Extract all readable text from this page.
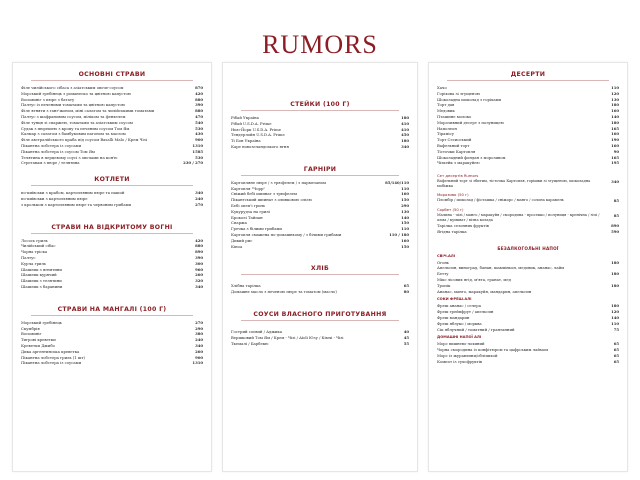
RUMORS
ОСНОВНІ СТРАВИ
Філе чилійського сібаса з азіатським овоче-соусом	870
Морський гребінець з романеско та цвітною капустою	420
Восьминіг з пюре з батату	880
Палтус із печеними томатами та цвітною капустою	390
Філе ягняти з ганг'жоном, міні салатом та чилійськими томатами	880
Палтус з шафрановим соусом, міліком та фенхелем	470
Філе тунця зі спаржею, томатами та азіатським соусом	540
Судак з пюрешею з кропу та печеним соусом Том Ям	530
Калмар з салатом з бамбуковим пагоном та маслом	430
Філе австралійського краба під соусом Basalli Malo / Крем Чізі	900
Пікантна лобстера із соусами	1310
Пікантна лобстера із соусом Том Ям	1585
Телятина в перцевому соусі з овочами на кон'ю	530
Стрегавам з пюре / телятина	230 / 270
КОТЛЕТИ
по-київськи з крабом, картопляним пюре та пашой	340
по-київськи з картопляним пюре	240
з крольком з картопляним пюре та червоним грибами	270
СТРАВИ НА ВІДКРИТОМУ ВОГНІ
Лосось гриль	420
Чилійський сібас	880
Чорна тріска	890
Палтус	390
Курча гриль	300
Шашлик з ягнятини	960
Шашлик курячий	260
Шашлик з телятини	320
Шашлик з баранини	340
СТРАВИ НА МАНГАЛІ (100 Г)
Морський гребінець	270
Скумбрія	290
Восьминіг	380
Тигрові креветки	240
Креветки Джибо	340
Дика аргентинська креветка	260
Пікантна лобстера гриль (1 шт)	900
Пікантна лобстера із соусами	1310
СТЕЙКИ (100 Г)
Рібай Україна	180
Рібай U.S.D.A. Prime	410
Нью-Йорк U.S.D.A. Prime	410
Тендерлойн U.S.D.A. Prime	450
Ті Бон Україна	180
Каре новозеландського ягня	340
ГАРНІРИ
Картопляне пюре / з трюфелем / з пармезаном	85/140/110
Картопля "Чорр"	110
Свіжий бебі шпинат з трюфелем	160
Пікантський шпинат з оливковою олією	150
Бебі опеп'і гриль	290
Кукурудза на грилі	130
Броколі Тайпан	140
Спаржа	150
Гречка з білими грибами	110
Картопля смажена по-домашньому / з білими грибами	110 / 180
Дикий рис	160
Кіноа	150
ХЛІБ
Хлібна тарілка	65
Домашнє масло з печеною пюре та томатом (масло)	80
СОУСИ ВЛАСНОГО ПРИГОТУВАННЯ
Гострий соєвий / Аджика	40
Вершковий Том Ям / Крем - Чізі / Aïoli Юзу / Кімчі - Чізі	45
Ткемалі / Барбекю	55
ДЕСЕРТИ
Хачо	110
Горіхова зі згущеною	120
Шоколадна шоколад з горіхами	130
Торт дав	180
Медовик	160
Пташине молоко	140
Морозивний десерт з полуницею	180
Наполеон	165
Тірамісу	160
Торт Сесиоський	190
Вафельний торт	160
Тісточки Картопля	90
Шоколадний фондан з морозивом	165
Чізкейк з маракуйєю	195
Сет десертів Rumors
Вафельний торт зі збитим, тісточка Картопля, горішки зі згущеною, шоколадна мобіжка
340
Морозиво (50 г)
Пломбір / шоколад / фісташка / сніжорс / манго / солона карамель	85
Сорбет (50 г)
Малина - чілі / манго / маракуйя / смородина - просеккo / полуниця - кренічна / зічі / алма / кумкват / візна колада
85
Тарілка сезонних фруктів	890
Ягідна тарілка	590
БЕЗАЛКОГОЛЬНІ НАПОЇ
СВІЧ.АЛІ
Огонь	180
Апельсин, виноград, банан, шампіньон, медовик, ананас, лайм
Бетту	180
Мікс лісових ягід, м'ята, гранат, мед
Тропік	180
Ананас, манго, маракуйя, мандарин, апельсин
СОКИ ФРЕШ.АЛІ
Фреш ананас / селера	180
Фреш грейпфрут / апельсин	120
Фреш мандарин	140
Фреш яблуко / морква	110
Сік яблучний / томатний / грантанний	75
ДОМАШНІ НАПОЇ АЛІ
Морс вишнево-лохиний	65
Чорна смородина із конфітюром та цафрським лаймом	65
Морс із журавлини/обліпихой	65
Компот із сухофруктів	65
